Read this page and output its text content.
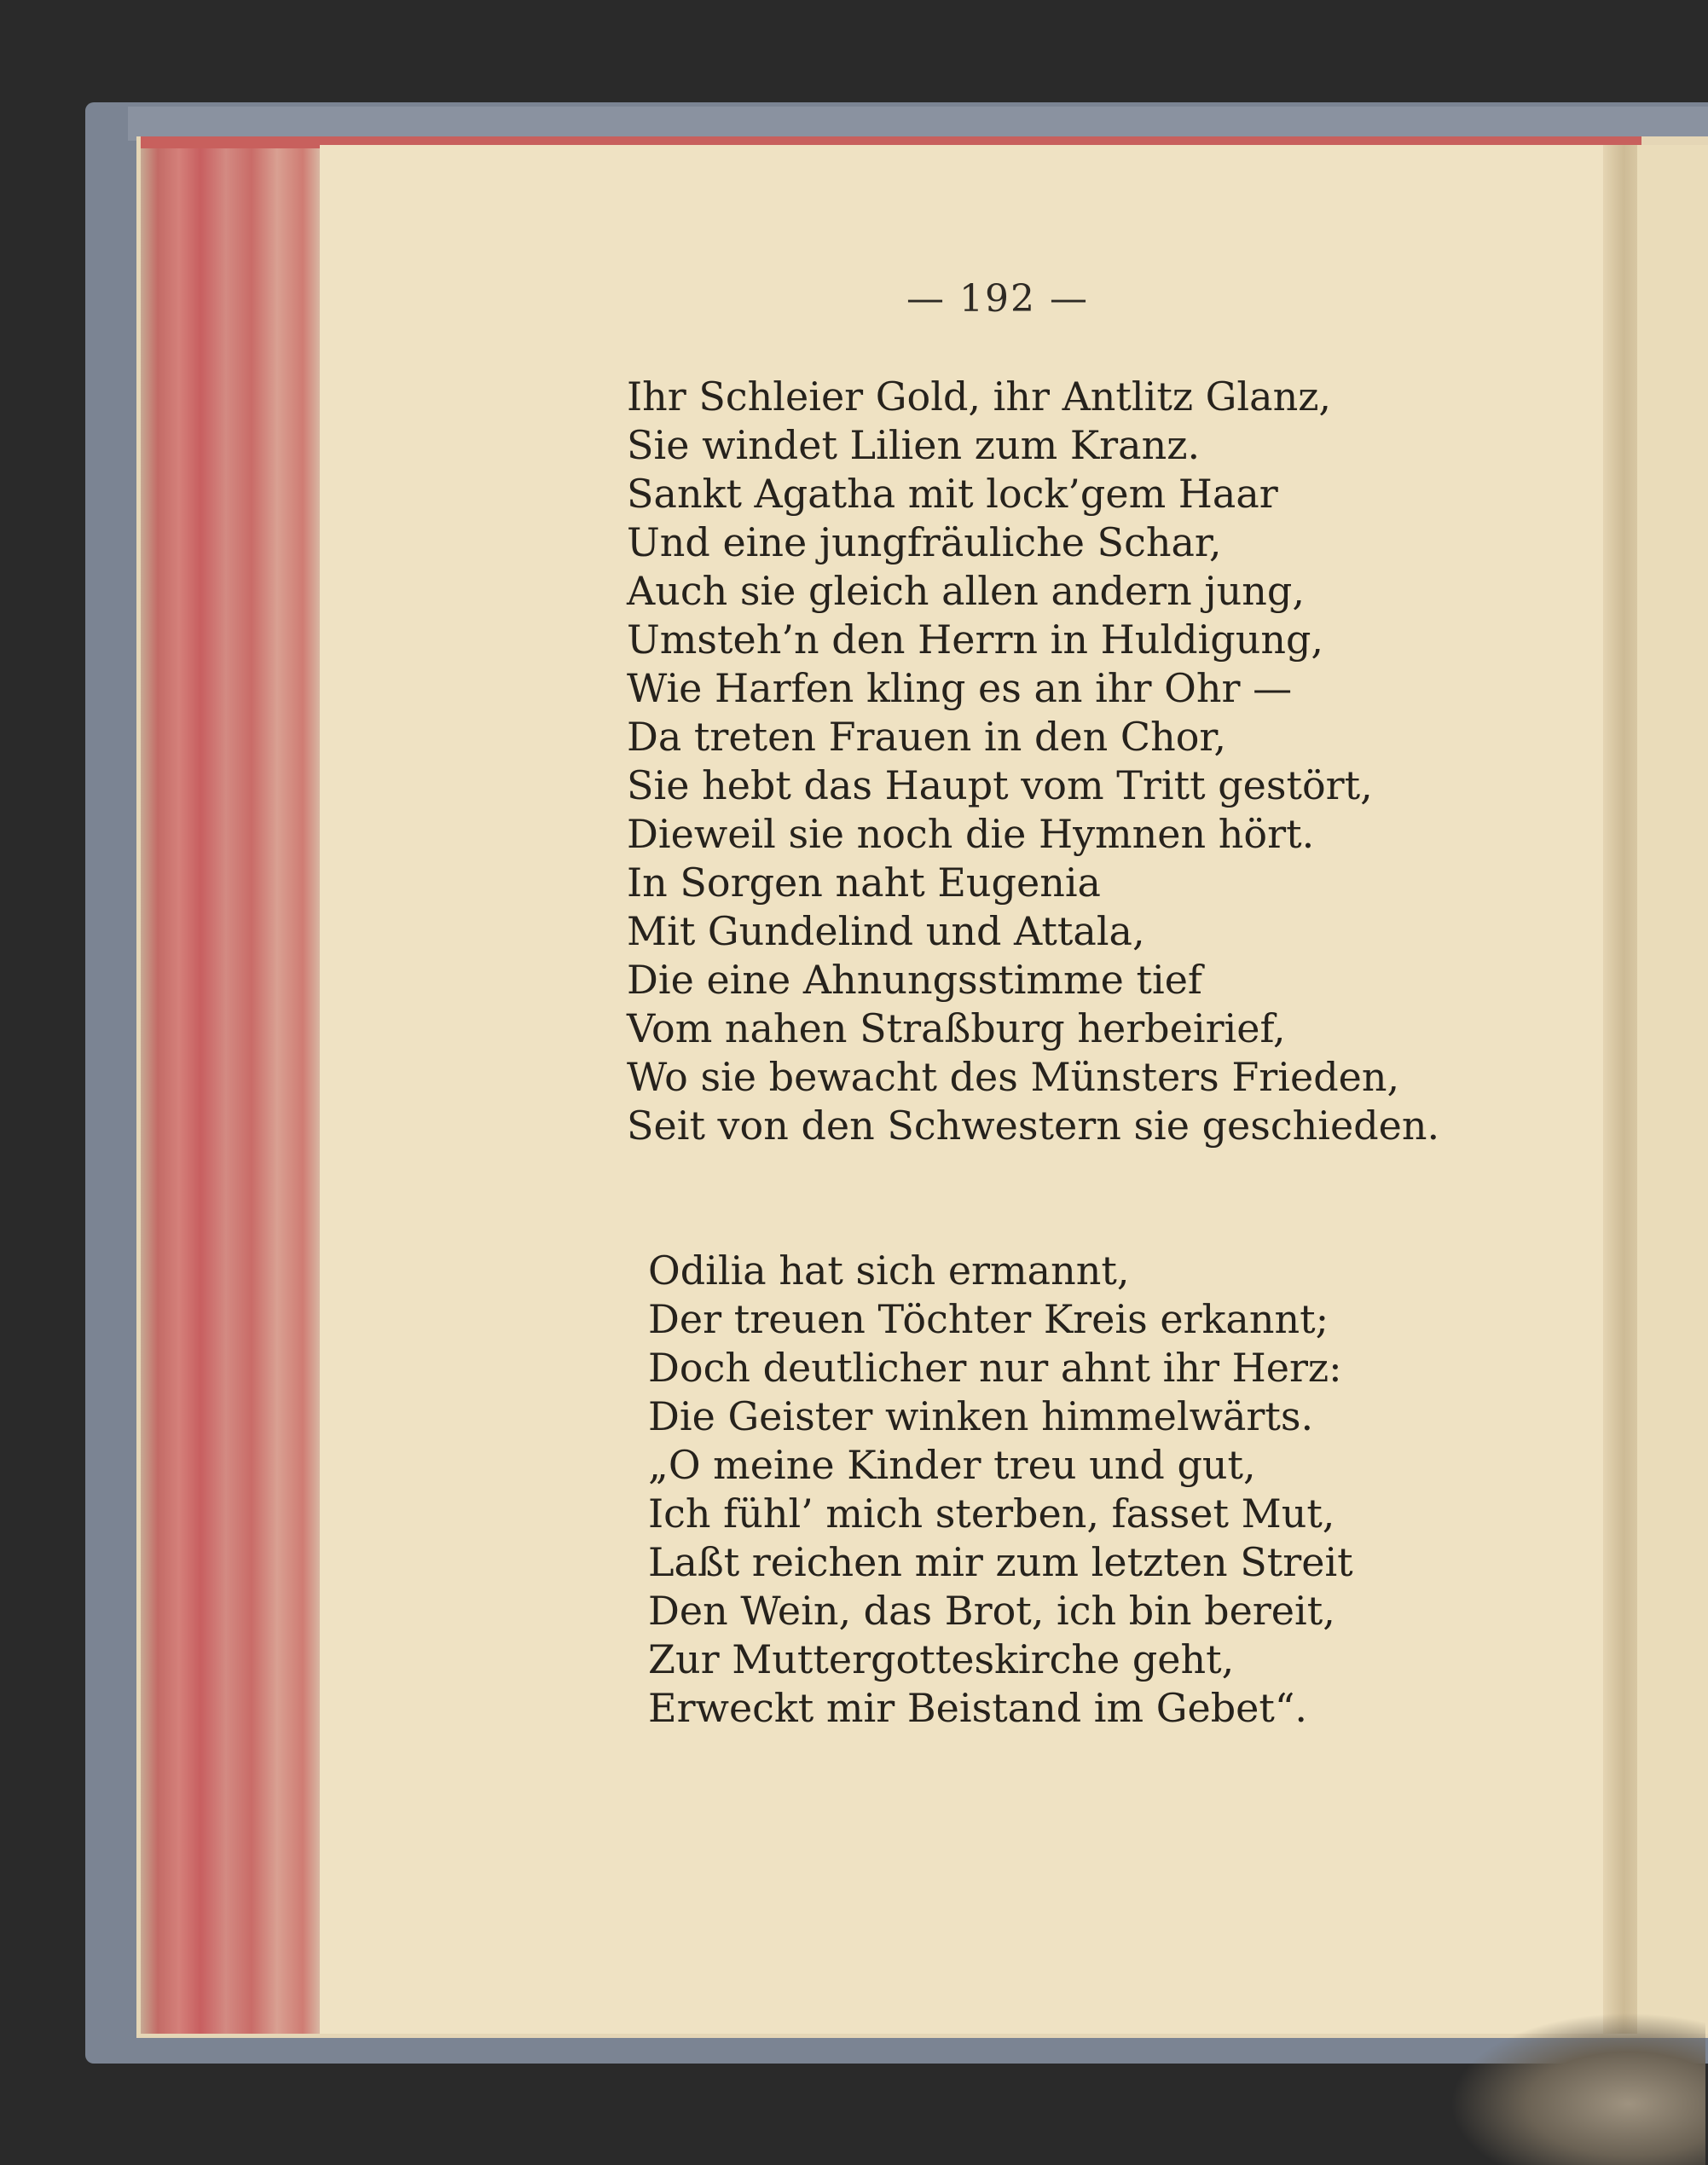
— 192 —
Ihr Schleier Gold, ihr Antlitz Glanz,
Sie windet Lilien zum Kranz.
Sankt Agatha mit lock’gem Haar
Und eine jungfräuliche Schar,
Auch sie gleich allen andern jung,
Umsteh’n den Herrn in Huldigung,
Wie Harfen kling es an ihr Ohr —
Da treten Frauen in den Chor,
Sie hebt das Haupt vom Tritt gestört,
Dieweil sie noch die Hymnen hört.
In Sorgen naht Eugenia
Mit Gundelind und Attala,
Die eine Ahnungsstimme tief
Vom nahen Straßburg herbeirief,
Wo sie bewacht des Münsters Frieden,
Seit von den Schwestern sie geschieden.
Odilia hat sich ermannt,
Der treuen Töchter Kreis erkannt;
Doch deutlicher nur ahnt ihr Herz:
Die Geister winken himmelwärts.
„O meine Kinder treu und gut,
Ich fühl’ mich sterben, fasset Mut,
Laßt reichen mir zum letzten Streit
Den Wein, das Brot, ich bin bereit,
Zur Muttergotteskirche geht,
Erweckt mir Beistand im Gebet“.
